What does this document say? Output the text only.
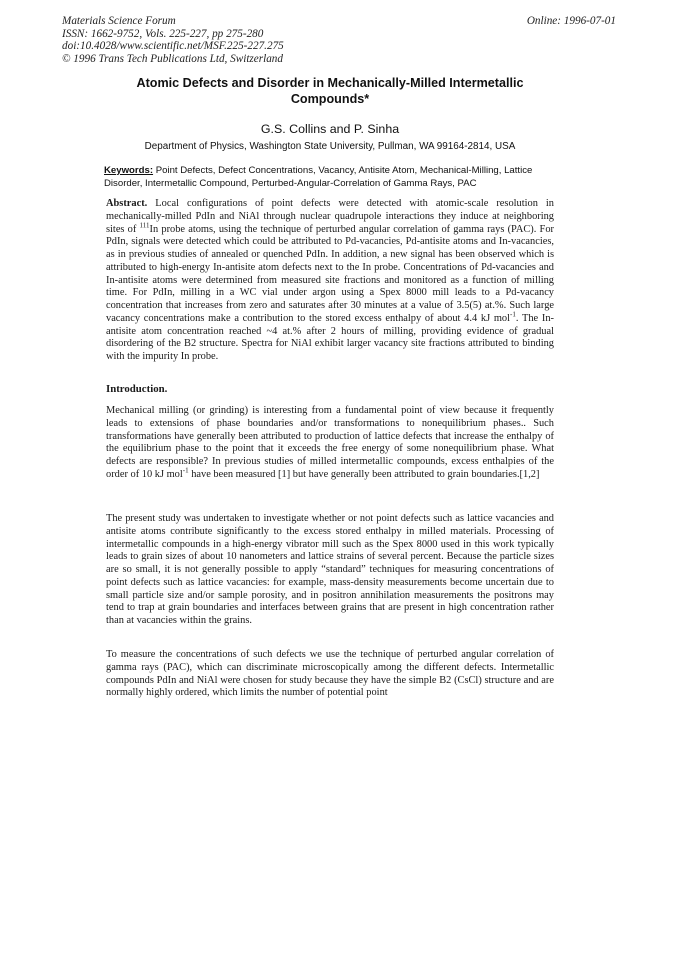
Materials Science Forum
ISSN: 1662-9752, Vols. 225-227, pp 275-280
doi:10.4028/www.scientific.net/MSF.225-227.275
© 1996 Trans Tech Publications Ltd, Switzerland
Online: 1996-07-01
Atomic Defects and Disorder in Mechanically-Milled Intermetallic Compounds*
G.S. Collins and P. Sinha
Department of Physics, Washington State University, Pullman, WA 99164-2814, USA
Keywords: Point Defects, Defect Concentrations, Vacancy, Antisite Atom, Mechanical-Milling, Lattice Disorder, Intermetallic Compound, Perturbed-Angular-Correlation of Gamma Rays, PAC
Abstract. Local configurations of point defects were detected with atomic-scale resolution in mechanically-milled PdIn and NiAl through nuclear quadrupole interactions they induce at neighboring sites of $^{111}$In probe atoms, using the technique of perturbed angular correlation of gamma rays (PAC). For PdIn, signals were detected which could be attributed to Pd-vacancies, Pd-antisite atoms and In-vacancies, as in previous studies of annealed or quenched PdIn. In addition, a new signal has been observed which is attributed to high-energy In-antisite atom defects next to the In probe. Concentrations of Pd-vacancies and In-antisite atoms were determined from measured site fractions and monitored as a function of milling time. For PdIn, milling in a WC vial under argon using a Spex 8000 mill leads to a Pd-vacancy concentration that increases from zero and saturates after 30 minutes at a value of 3.5(5) at.%. Such large vacancy concentrations make a contribution to the stored excess enthalpy of about 4.4 kJ mol$^{-1}$. The In-antisite atom concentration reached ~4 at.% after 2 hours of milling, providing evidence of gradual disordering of the B2 structure. Spectra for NiAl exhibit larger vacancy site fractions attributed to binding with the impurity In probe.
Introduction.
Mechanical milling (or grinding) is interesting from a fundamental point of view because it frequently leads to extensions of phase boundaries and/or transformations to nonequilibrium phases.. Such transformations have generally been attributed to production of lattice defects that increase the enthalpy of the equilibrium phase to the point that it exceeds the free energy of some nonequilibrium phase. What defects are responsible? In previous studies of milled intermetallic compounds, excess enthalpies of the order of 10 kJ mol$^{-1}$ have been measured [1] but have generally been attributed to grain boundaries.[1,2]
The present study was undertaken to investigate whether or not point defects such as lattice vacancies and antisite atoms contribute significantly to the excess stored enthalpy in milled materials. Processing of intermetallic compounds in a high-energy vibrator mill such as the Spex 8000 used in this work typically leads to grain sizes of about 10 nanometers and lattice strains of several percent. Because the particle sizes are so small, it is not generally possible to apply “standard” techniques for measuring concentrations of point defects such as lattice vacancies: for example, mass-density measurements become uncertain due to small particle size and/or sample porosity, and in positron annihilation measurements the positrons may tend to trap at grain boundaries and interfaces between grains that are present in high concentration rather than at vacancies within the grains.
To measure the concentrations of such defects we use the technique of perturbed angular correlation of gamma rays (PAC), which can discriminate microscopically among the different defects. Intermetallic compounds PdIn and NiAl were chosen for study because they have the simple B2 (CsCl) structure and are normally highly ordered, which limits the number of potential point
